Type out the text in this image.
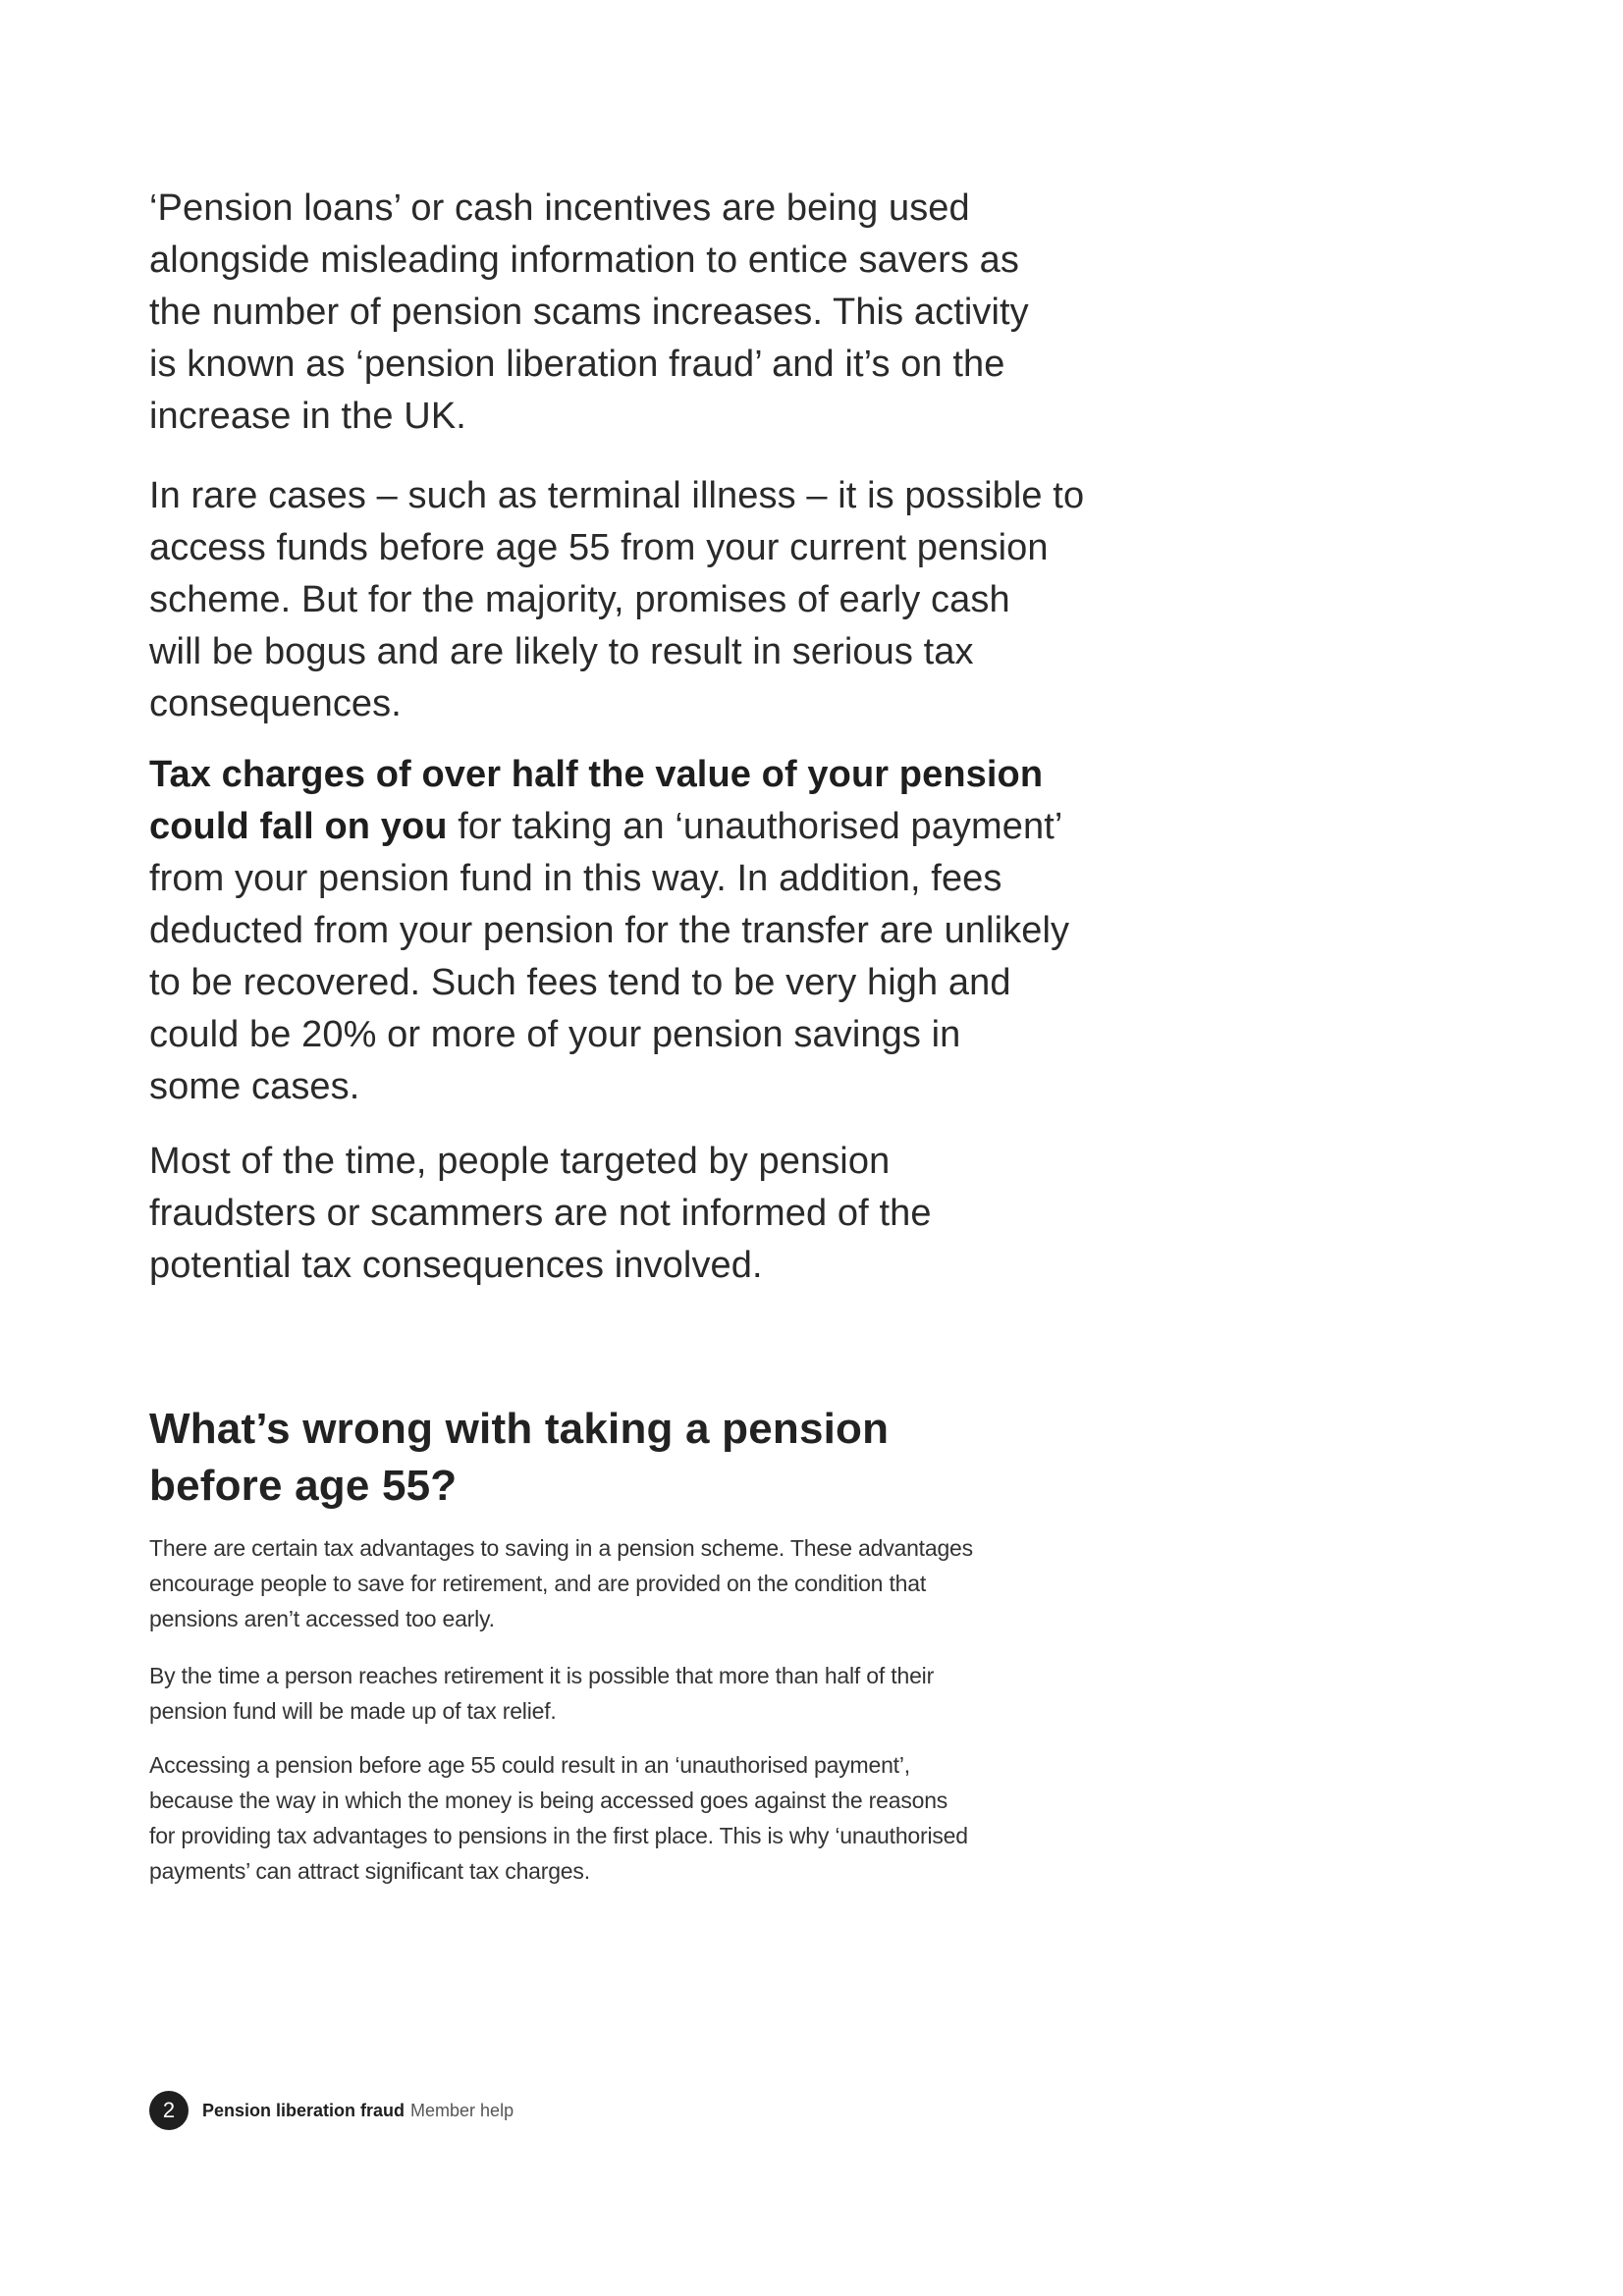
‘Pension loans’ or cash incentives are being used
alongside misleading information to entice savers as
the number of pension scams increases. This activity
is known as ‘pension liberation fraud’ and it’s on the
increase in the UK.
In rare cases – such as terminal illness – it is possible to
access funds before age 55 from your current pension
scheme. But for the majority, promises of early cash
will be bogus and are likely to result in serious tax
consequences.
Tax charges of over half the value of your pension
could fall on you for taking an ‘unauthorised payment’
from your pension fund in this way. In addition, fees
deducted from your pension for the transfer are unlikely
to be recovered. Such fees tend to be very high and
could be 20% or more of your pension savings in
some cases.
Most of the time, people targeted by pension
fraudsters or scammers are not informed of the
potential tax consequences involved.
What’s wrong with taking a pension
before age 55?
There are certain tax advantages to saving in a pension scheme. These advantages
encourage people to save for retirement, and are provided on the condition that
pensions aren’t accessed too early.
By the time a person reaches retirement it is possible that more than half of their
pension fund will be made up of tax relief.
Accessing a pension before age 55 could result in an ‘unauthorised payment’,
because the way in which the money is being accessed goes against the reasons
for providing tax advantages to pensions in the first place. This is why ‘unauthorised
payments’ can attract significant tax charges.
2	Pension liberation fraud Member help
